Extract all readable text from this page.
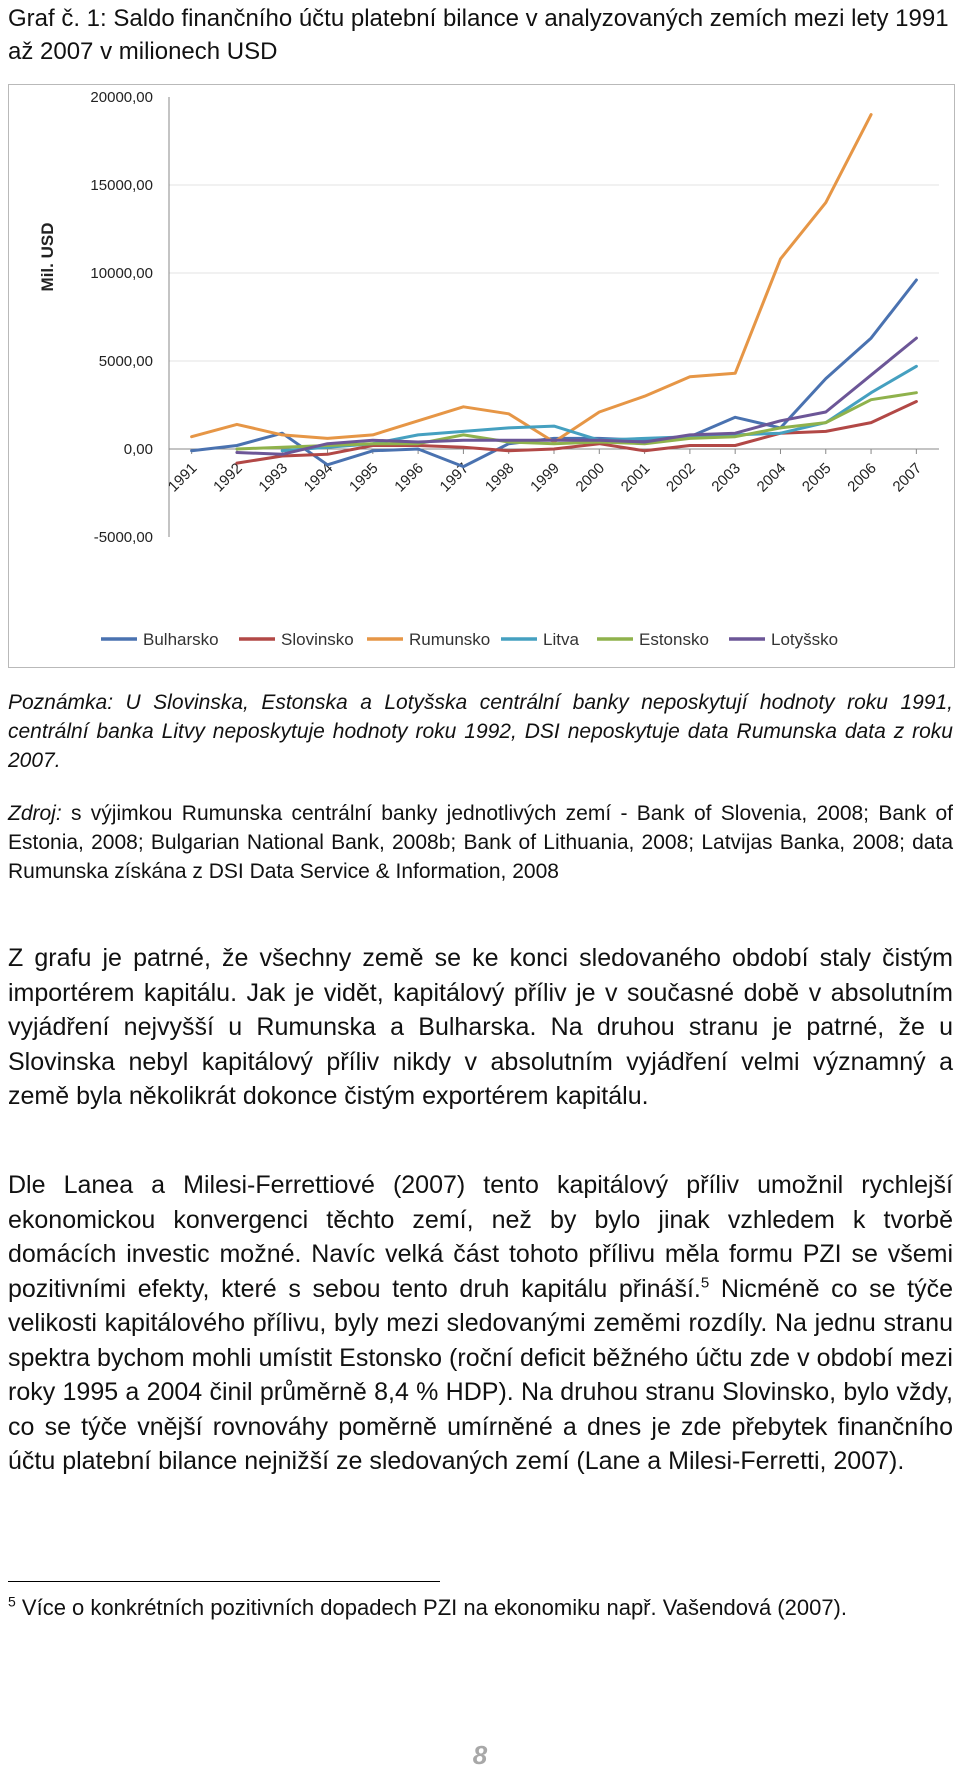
Graf č. 1: Saldo finančního účtu platební bilance v analyzovaných zemích mezi lety 1991 až 2007 v milionech USD
20000,00
15000,00
10000,00
5000,00
0,00
-5000,00
Mil. USD
1991 1992 1993 1994 1995 1996 1997 1998 1999 2000 2001 2002 2003 2004 2005 2006 2007
Bulharsko	Slovinsko	Rumunsko	Litva	Estonsko	Lotyšsko
Poznámka: U Slovinska, Estonska a Lotyšska centrální banky neposkytují hodnoty roku 1991, centrální banka Litvy neposkytuje hodnoty roku 1992, DSI neposkytuje data Rumunska data z roku 2007.
Zdroj: s výjimkou Rumunska centrální banky jednotlivých zemí - Bank of Slovenia, 2008; Bank of Estonia, 2008; Bulgarian National Bank, 2008b; Bank of Lithuania, 2008; Latvijas Banka, 2008; data Rumunska získána z DSI Data Service & Information, 2008
Z grafu je patrné, že všechny země se ke konci sledovaného období staly čistým importérem kapitálu. Jak je vidět, kapitálový příliv je v současné době v absolutním vyjádření nejvyšší u Rumunska a Bulharska. Na druhou stranu je patrné, že u Slovinska nebyl kapitálový příliv nikdy v absolutním vyjádření velmi významný a země byla několikrát dokonce čistým exportérem kapitálu.
Dle Lanea a Milesi-Ferrettiové (2007) tento kapitálový příliv umožnil rychlejší ekonomickou konvergenci těchto zemí, než by bylo jinak vzhledem k tvorbě domácích investic možné. Navíc velká část tohoto přílivu měla formu PZI se všemi pozitivními efekty, které s sebou tento druh kapitálu přináší.$^5$ Nicméně co se týče velikosti kapitálového přílivu, byly mezi sledovanými zeměmi rozdíly. Na jednu stranu spektra bychom mohli umístit Estonsko (roční deficit běžného účtu zde v období mezi roky 1995 a 2004 činil průměrně 8,4 % HDP). Na druhou stranu Slovinsko, bylo vždy, co se týče vnější rovnováhy poměrně umírněné a dnes je zde přebytek finančního účtu platební bilance nejnižší ze sledovaných zemí (Lane a Milesi-Ferretti, 2007).
$^5$ Více o konkrétních pozitivních dopadech PZI na ekonomiku např. Vašendová (2007).
8
